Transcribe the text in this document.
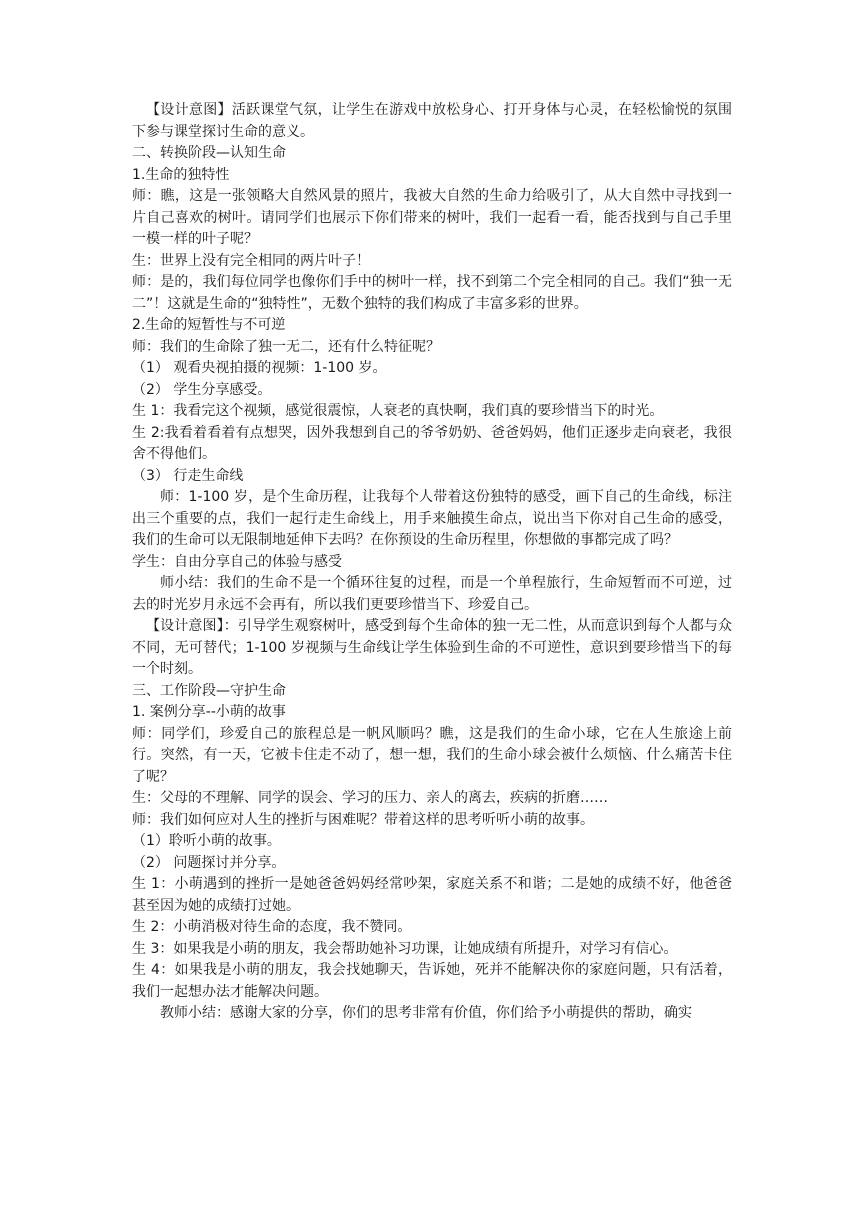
【设计意图】活跃课堂气氛，让学生在游戏中放松身心、打开身体与心灵，在轻松愉悦的氛围下参与课堂探讨生命的意义。

二、转换阶段—认知生命

1.生命的独特性

师：瞧，这是一张领略大自然风景的照片，我被大自然的生命力给吸引了，从大自然中寻找到一片自己喜欢的树叶。请同学们也展示下你们带来的树叶，我们一起看一看，能否找到与自己手里一模一样的叶子呢？

生：世界上没有完全相同的两片叶子！

师：是的，我们每位同学也像你们手中的树叶一样，找不到第二个完全相同的自己。我们“独一无二”！这就是生命的“独特性”，无数个独特的我们构成了丰富多彩的世界。

2.生命的短暂性与不可逆

师：我们的生命除了独一无二，还有什么特征呢？

（1） 观看央视拍摄的视频：1-100 岁。

（2） 学生分享感受。

生 1：我看完这个视频，感觉很震惊，人衰老的真快啊，我们真的要珍惜当下的时光。

生 2:我看着看着有点想哭，因外我想到自己的爷爷奶奶、爸爸妈妈，他们正逐步走向衰老，我很舍不得他们。

（3） 行走生命线

师：1-100 岁，是个生命历程，让我每个人带着这份独特的感受，画下自己的生命线，标注出三个重要的点，我们一起行走生命线上，用手来触摸生命点，说出当下你对自己生命的感受，我们的生命可以无限制地延伸下去吗？在你预设的生命历程里，你想做的事都完成了吗？

学生：自由分享自己的体验与感受

师小结：我们的生命不是一个循环往复的过程，而是一个单程旅行，生命短暂而不可逆，过去的时光岁月永远不会再有，所以我们更要珍惜当下、珍爱自己。

【设计意图】：引导学生观察树叶，感受到每个生命体的独一无二性，从而意识到每个人都与众不同，无可替代；1-100 岁视频与生命线让学生体验到生命的不可逆性，意识到要珍惜当下的每一个时刻。

三、工作阶段—守护生命

1. 案例分享--小萌的故事

师：同学们，珍爱自己的旅程总是一帆风顺吗？瞧，这是我们的生命小球，它在人生旅途上前行。突然，有一天，它被卡住走不动了，想一想，我们的生命小球会被什么烦恼、什么痛苦卡住了呢？

生：父母的不理解、同学的误会、学习的压力、亲人的离去，疾病的折磨……

师：我们如何应对人生的挫折与困难呢？带着这样的思考听听小萌的故事。

（1）聆听小萌的故事。

（2） 问题探讨并分享。

生 1：小萌遇到的挫折一是她爸爸妈妈经常吵架，家庭关系不和谐；二是她的成绩不好，他爸爸甚至因为她的成绩打过她。

生 2：小萌消极对待生命的态度，我不赞同。

生 3：如果我是小萌的朋友，我会帮助她补习功课，让她成绩有所提升，对学习有信心。

生 4：如果我是小萌的朋友，我会找她聊天，告诉她，死并不能解决你的家庭问题，只有活着，我们一起想办法才能解决问题。

教师小结：感谢大家的分享，你们的思考非常有价值，你们给予小萌提供的帮助，确实
